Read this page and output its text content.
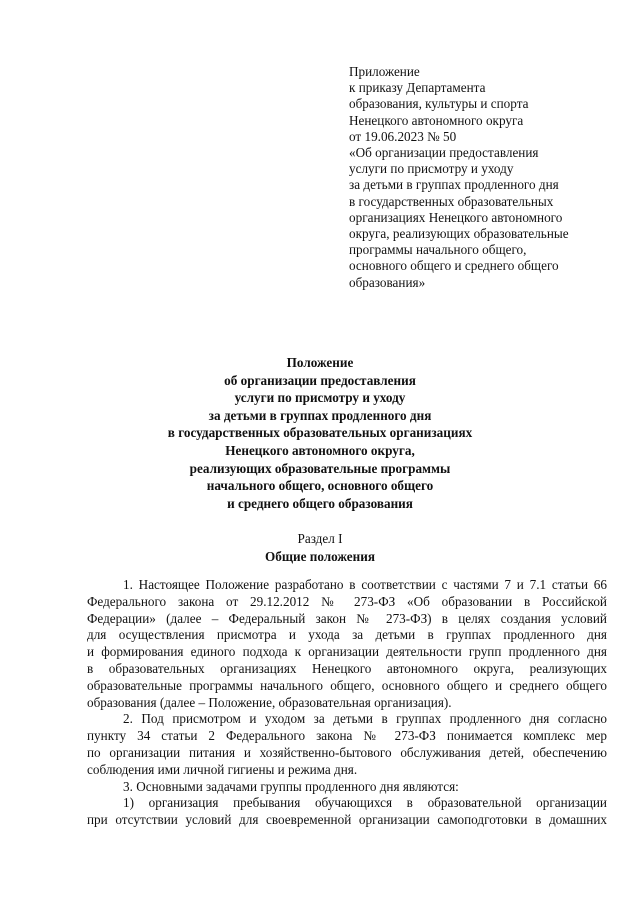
Приложение
к приказу Департамента
образования, культуры и спорта
Ненецкого автономного округа
от 19.06.2023 № 50
«Об организации предоставления
услуги по присмотру и уходу
за детьми в группах продленного дня
в государственных образовательных
организациях Ненецкого автономного
округа, реализующих образовательные
программы начального общего,
основного общего и среднего общего
образования»
Положение
об организации предоставления
услуги по присмотру и уходу
за детьми в группах продленного дня
в государственных образовательных организациях
Ненецкого автономного округа,
реализующих образовательные программы
начального общего, основного общего
и среднего общего образования
Раздел I
Общие положения

1. Настоящее Положение разработано в соответствии с частями 7 и 7.1 статьи 66
Федерального закона от 29.12.2012 № 273-ФЗ «Об образовании в Российской
Федерации» (далее – Федеральный закон № 273-ФЗ) в целях создания условий
для осуществления присмотра и ухода за детьми в группах продленного дня
и формирования единого подхода к организации деятельности групп продленного дня
в образовательных организациях Ненецкого автономного округа, реализующих
образовательные программы начального общего, основного общего и среднего общего
образования (далее – Положение, образовательная организация).

2. Под присмотром и уходом за детьми в группах продленного дня согласно
пункту 34 статьи 2 Федерального закона № 273-ФЗ понимается комплекс мер
по организации питания и хозяйственно-бытового обслуживания детей, обеспечению
соблюдения ими личной гигиены и режима дня.

3. Основными задачами группы продленного дня являются:

1) организация пребывания обучающихся в образовательной организации
при отсутствии условий для своевременной организации самоподготовки в домашних
